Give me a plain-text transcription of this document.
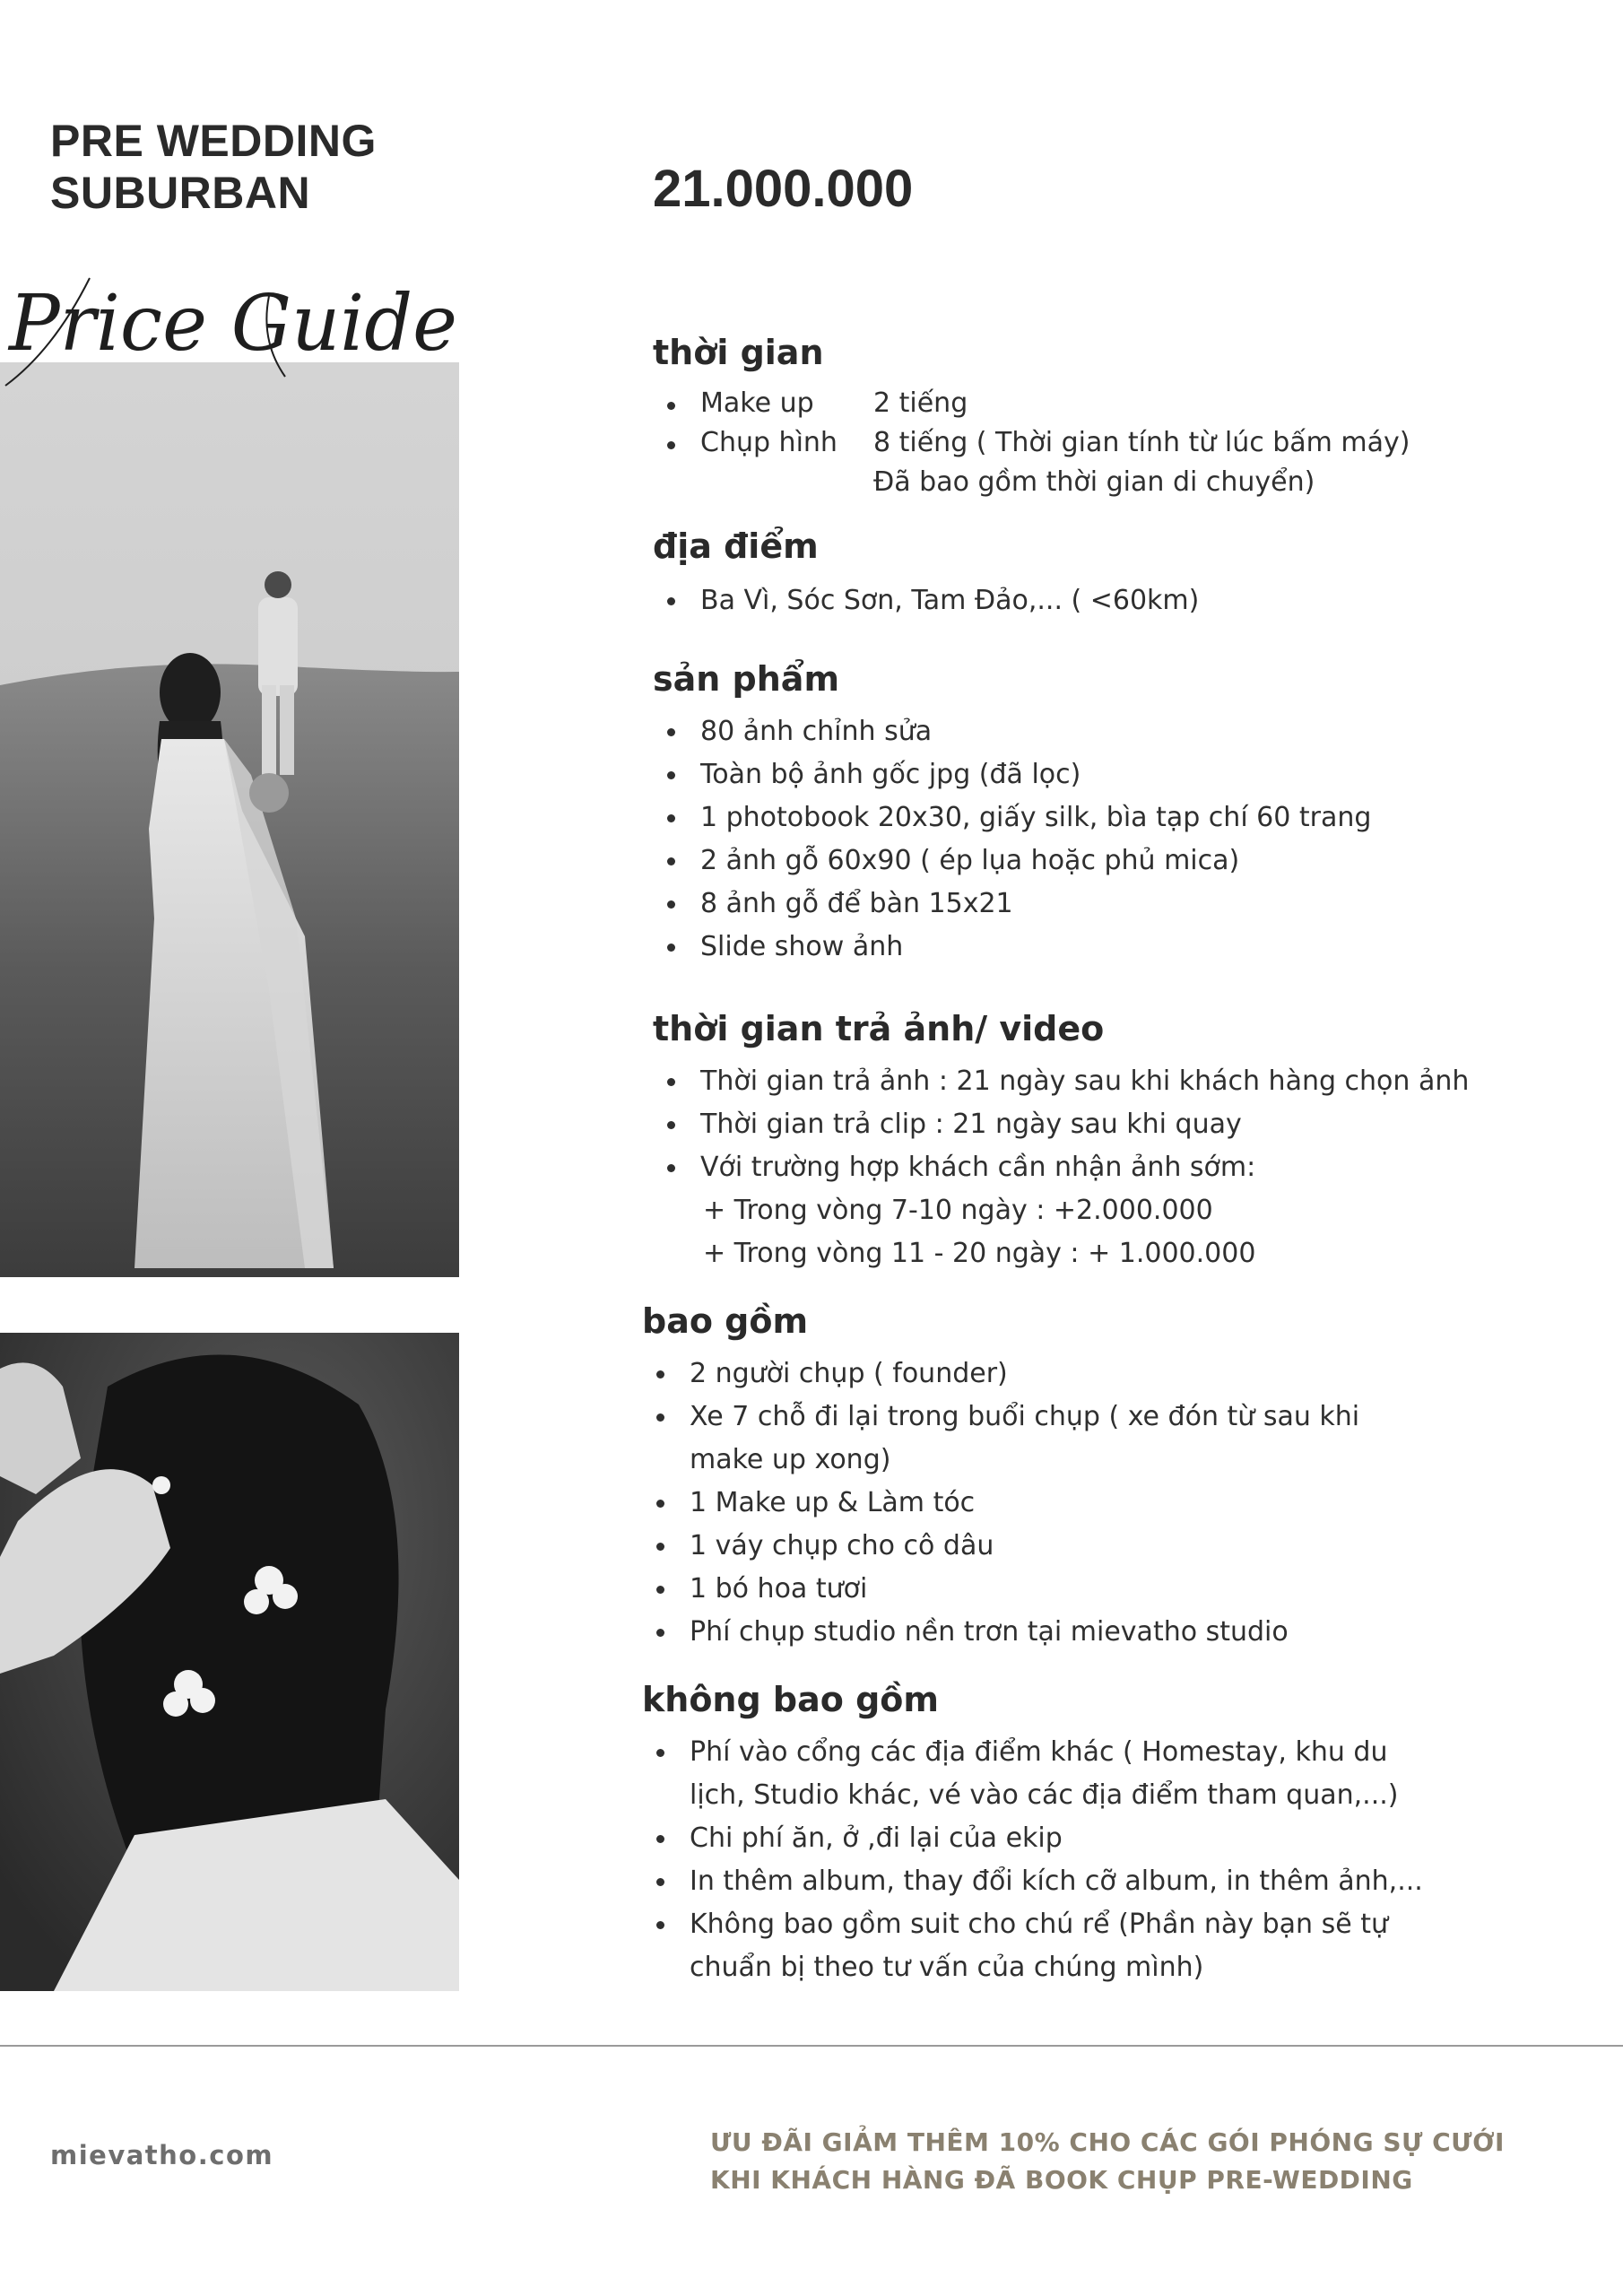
PRE WEDDING
SUBURBAN
Price Guide
21.000.000
thời gian
Make up	2 tiếng
Chụp hình	8 tiếng ( Thời gian tính từ lúc bấm máy)
Đã bao gồm thời gian di chuyển)
địa điểm
Ba Vì, Sóc Sơn, Tam Đảo,... ( <60km)
sản phẩm
80 ảnh chỉnh sửa
Toàn bộ ảnh gốc jpg (đã lọc)
1 photobook 20x30, giấy silk, bìa tạp chí 60 trang
2 ảnh gỗ 60x90 ( ép lụa hoặc phủ mica)
8 ảnh gỗ để bàn 15x21
Slide show ảnh
thời gian trả ảnh/ video
Thời gian trả ảnh : 21 ngày sau khi khách hàng chọn ảnh
Thời gian trả clip : 21 ngày sau khi quay
Với trường hợp khách cần nhận ảnh sớm:
+ Trong vòng 7-10 ngày : +2.000.000
+ Trong vòng 11 - 20 ngày : + 1.000.000
bao gồm
2 người chụp ( founder)
Xe 7 chỗ đi lại trong buổi chụp ( xe đón từ sau khi
make up xong)
1 Make up & Làm tóc
1 váy chụp cho cô dâu
1 bó hoa tươi
Phí chụp studio nền trơn tại mievatho studio
không bao gồm
Phí vào cổng các địa điểm khác ( Homestay, khu du
lịch, Studio khác, vé vào các địa điểm tham quan,...)
Chi phí ăn, ở ,đi lại của ekip
In thêm album, thay đổi kích cỡ album, in thêm ảnh,...
Không bao gồm suit cho chú rể (Phần này bạn sẽ tự
chuẩn bị theo tư vấn của chúng mình)
mievatho.com	ƯU ĐÃI GIẢM THÊM 10% CHO CÁC GÓI PHÓNG SỰ CƯỚI
KHI KHÁCH HÀNG ĐÃ BOOK CHỤP PRE-WEDDING
